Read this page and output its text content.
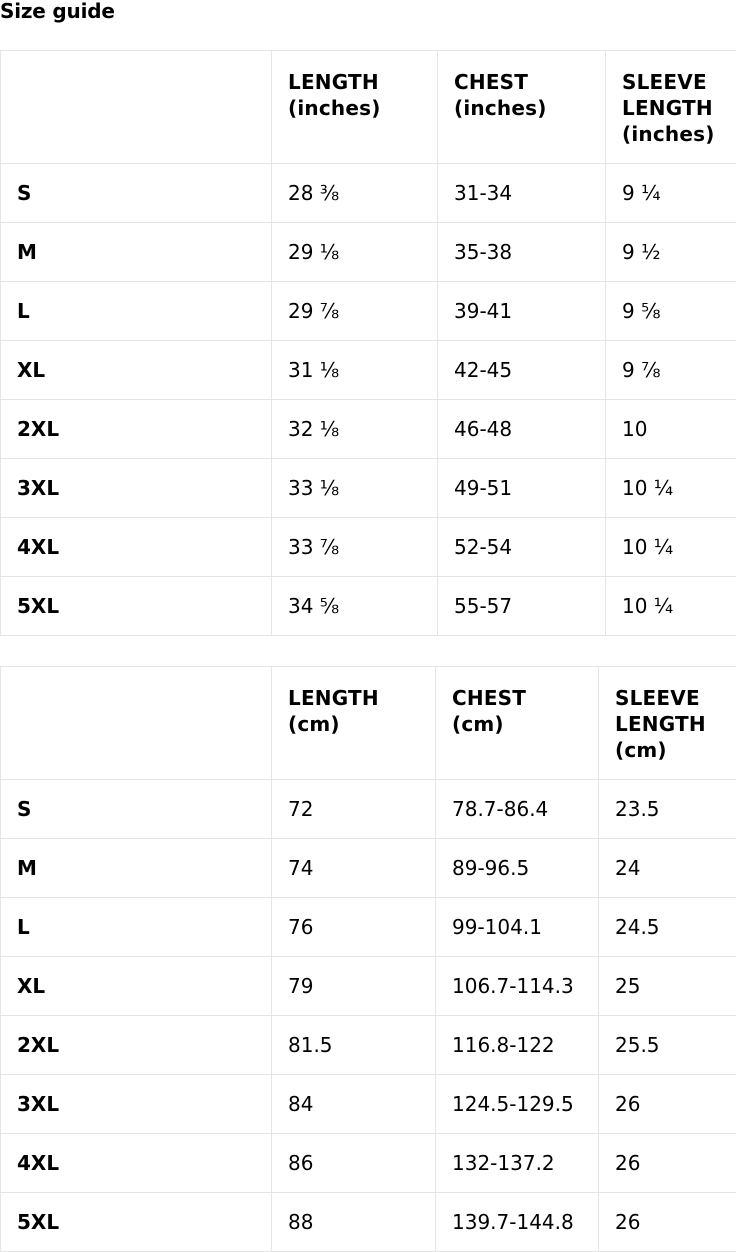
Size guide
	LENGTH (inches)	CHEST (inches)	SLEEVE LENGTH (inches)
S	28 ⅜	31-34	9 ¼
M	29 ⅛	35-38	9 ½
L	29 ⅞	39-41	9 ⅝
XL	31 ⅛	42-45	9 ⅞
2XL	32 ⅛	46-48	10
3XL	33 ⅛	49-51	10 ¼
4XL	33 ⅞	52-54	10 ¼
5XL	34 ⅝	55-57	10 ¼
	LENGTH (cm)	CHEST (cm)	SLEEVE LENGTH (cm)
S	72	78.7-86.4	23.5
M	74	89-96.5	24
L	76	99-104.1	24.5
XL	79	106.7-114.3	25
2XL	81.5	116.8-122	25.5
3XL	84	124.5-129.5	26
4XL	86	132-137.2	26
5XL	88	139.7-144.8	26
